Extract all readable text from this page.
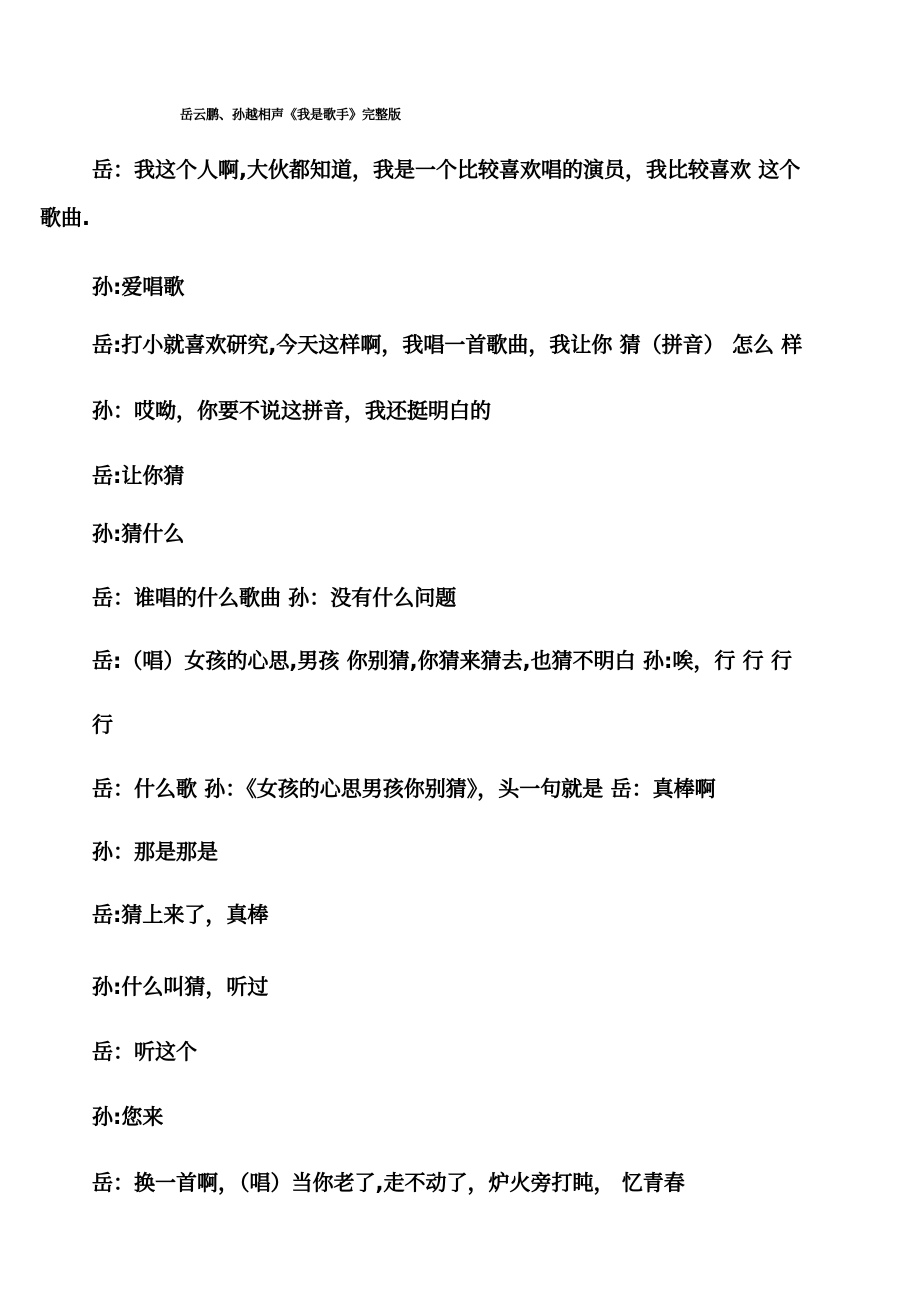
岳云鹏、孙越相声《我是歌手》完整版
岳：我这个人啊,大伙都知道，我是一个比较喜欢唱的演员，我比较喜欢 这个
歌曲.
孙:爱唱歌
岳:打小就喜欢研究,今天这样啊，我唱一首歌曲，我让你 猜（拼音） 怎么 样
孙：哎呦，你要不说这拼音，我还挺明白的
岳:让你猜
孙:猜什么
岳：谁唱的什么歌曲 孙：没有什么问题
岳:（唱）女孩的心思,男孩 你别猜,你猜来猜去,也猜不明白 孙:唉，行 行 行
行
岳：什么歌 孙：《女孩的心思男孩你别猜》，头一句就是 岳：真棒啊
孙：那是那是
岳:猜上来了，真棒
孙:什么叫猜，听过
岳：听这个
孙:您来
岳：换一首啊，（唱）当你老了,走不动了，炉火旁打盹， 忆青春
